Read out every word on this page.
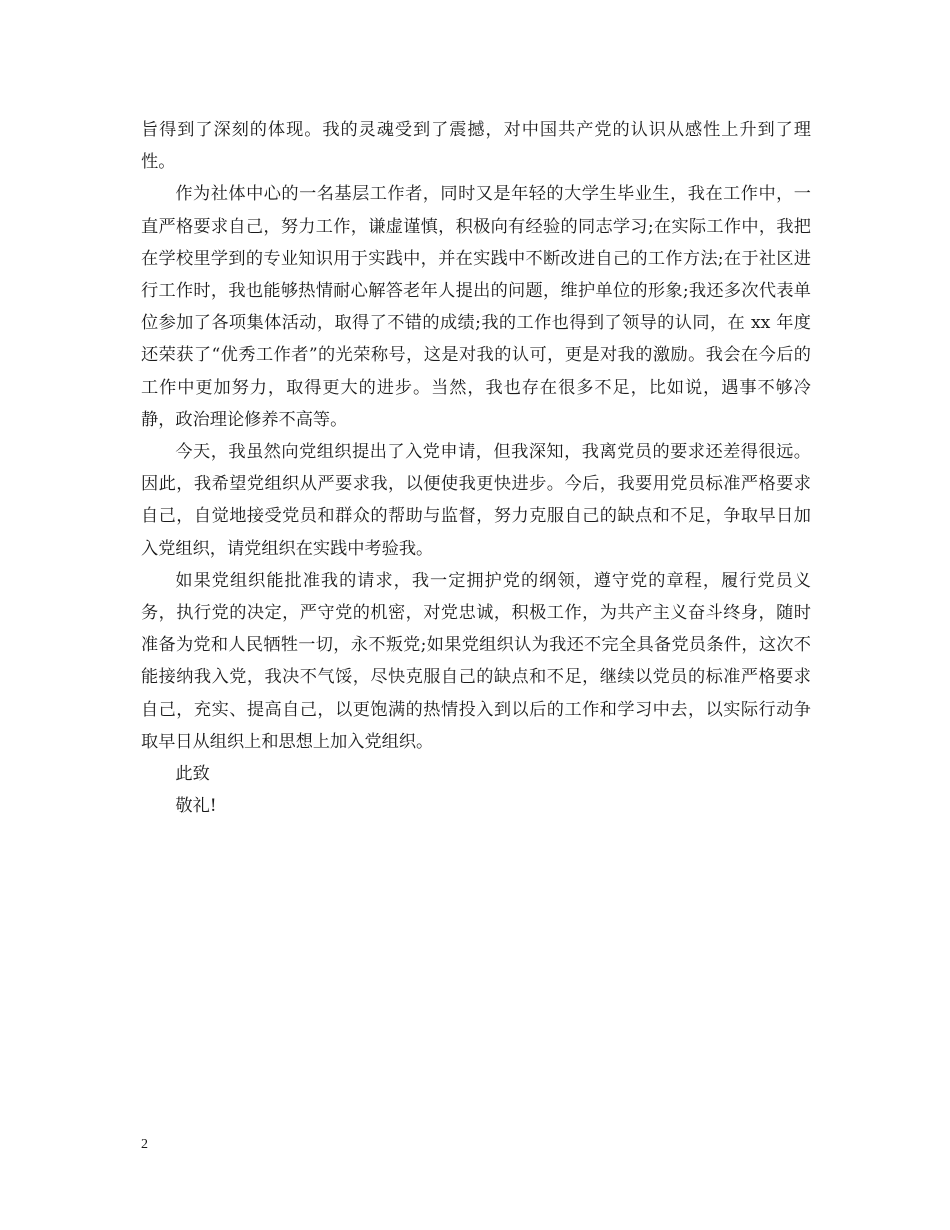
旨得到了深刻的体现。我的灵魂受到了震撼，对中国共产党的认识从感性上升到了理性。

作为社体中心的一名基层工作者，同时又是年轻的大学生毕业生，我在工作中，一直严格要求自己，努力工作，谦虚谨慎，积极向有经验的同志学习;在实际工作中，我把在学校里学到的专业知识用于实践中，并在实践中不断改进自己的工作方法;在于社区进行工作时，我也能够热情耐心解答老年人提出的问题，维护单位的形象;我还多次代表单位参加了各项集体活动，取得了不错的成绩;我的工作也得到了领导的认同，在 xx 年度还荣获了“优秀工作者”的光荣称号，这是对我的认可，更是对我的激励。我会在今后的工作中更加努力，取得更大的进步。当然，我也存在很多不足，比如说，遇事不够冷静，政治理论修养不高等。

今天，我虽然向党组织提出了入党申请，但我深知，我离党员的要求还差得很远。因此，我希望党组织从严要求我，以便使我更快进步。今后，我要用党员标准严格要求自己，自觉地接受党员和群众的帮助与监督，努力克服自己的缺点和不足，争取早日加入党组织，请党组织在实践中考验我。

如果党组织能批准我的请求，我一定拥护党的纲领，遵守党的章程，履行党员义务，执行党的决定，严守党的机密，对党忠诚，积极工作，为共产主义奋斗终身，随时准备为党和人民牺牲一切，永不叛党;如果党组织认为我还不完全具备党员条件，这次不能接纳我入党，我决不气馁，尽快克服自己的缺点和不足，继续以党员的标准严格要求自己，充实、提高自己，以更饱满的热情投入到以后的工作和学习中去，以实际行动争取早日从组织上和思想上加入党组织。

此致

敬礼!

2
